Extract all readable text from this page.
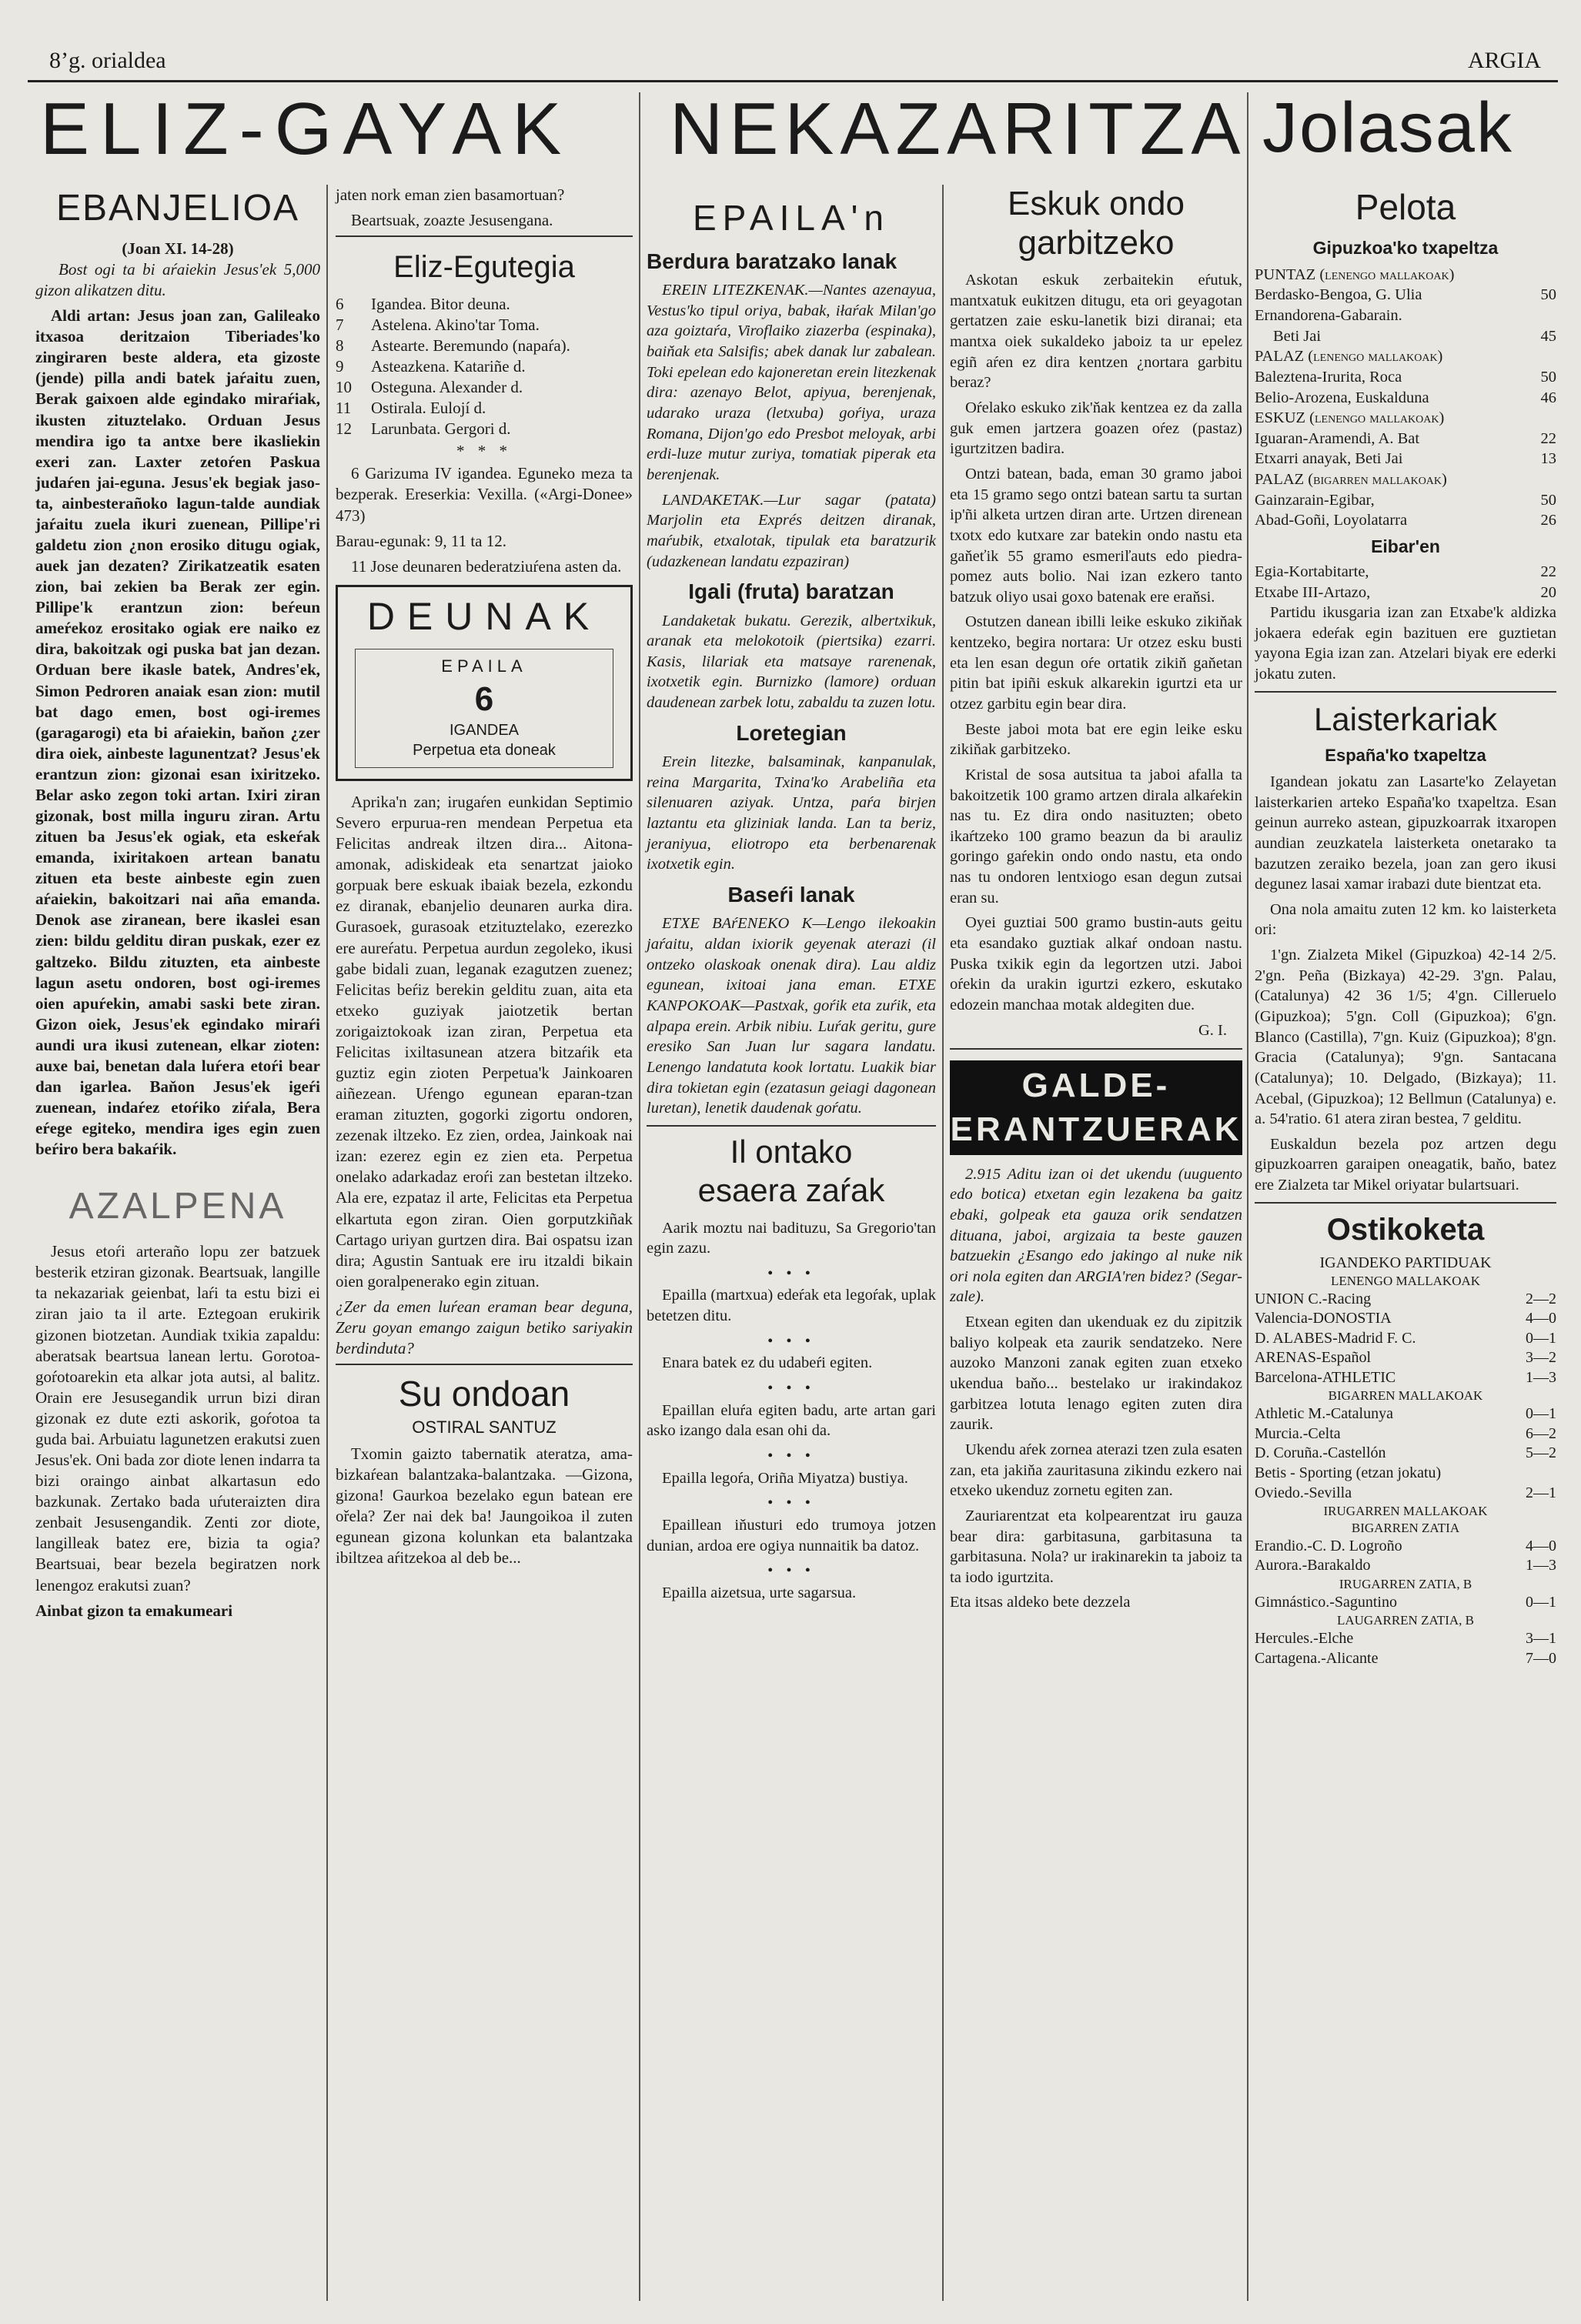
8’g. orialdea	ARGIA
ELIZ-GAYAK NEKAZARITZA Jolasak
EBANJELIOA
(Joan XI. 14-28)

Bost ogi ta bi aŕaiekin Jesus'ek 5,000 gizon alikatzen ditu.

Aldi artan: Jesus joan zan, Galileako itxasoa deritzaion Tiberiades'ko zingiraren beste aldera, eta gizoste (jende) pilla andi batek jaŕaitu zuen, Berak gaixoen alde egindako miraŕiak, ikusten zituztelako. Orduan Jesus mendira igo ta antxe bere ikasliekin exeri zan. Laxter zetoŕen Paskua judaŕen jai-eguna. Jesus'ek begiak jaso-ta, ainbesterañoko lagun-talde aundiak jaŕaitu zuela ikuri zuenean, Pillipe'ri galdetu zion ¿non erosiko ditugu ogiak, auek jan dezaten? Zirikatzeatik esaten zion, bai zekien ba Berak zer egin. Pillipe'k erantzun zion: beŕeun ameŕekoz erositako ogiak ere naiko ez dira, bakoitzak ogi puska bat jan dezan. Orduan bere ikasle batek, Andres'ek, Simon Pedroren anaiak esan zion: mutil bat dago emen, bost ogi-iremes (garagarogi) eta bi aŕaiekin, baňon ¿zer dira oiek, ainbeste lagunentzat? Jesus'ek erantzun zion: gizonai esan ixiritzeko. Belar asko zegon toki artan. Ixiri ziran gizonak, bost milla inguru ziran. Artu zituen ba Jesus'ek ogiak, eta eskeŕak emanda, ixiritakoen artean banatu zituen eta beste ainbeste egin zuen aŕaiekin, bakoitzari nai aña emanda. Denok ase ziranean, bere ikaslei esan zien: bildu gelditu diran puskak, ezer ez galtzeko. Bildu zituzten, eta ainbeste lagun asetu ondoren, bost ogi-iremes oien apuŕekin, amabi saski bete ziran. Gizon oiek, Jesus'ek egindako miraŕi aundi ura ikusi zutenean, elkar zioten: auxe bai, benetan dala luŕera etoŕi bear dan igarlea. Baňon Jesus'ek igeŕi zuenean, indaŕez etoŕiko ziŕala, Bera eŕege egiteko, mendira iges egin zuen beŕiro bera bakaŕik.

AZALPENA

Jesus etoŕi arteraño lopu zer batzuek besterik etziran gizonak. Beartsuak, langille ta nekazariak geienbat, laŕi ta estu bizi ei ziran jaio ta il arte. Eztegoan erukirik gizonen biotzetan. Aundiak txikia zapaldu: aberatsak beartsua lanean lertu. Gorotoa-goŕotoarekin eta alkar jota autsi, al balitz. Orain ere Jesusegandik urrun bizi diran gizonak ez dute ezti askorik, goŕotoa ta guda bai. Arbuiatu lagunetzen erakutsi zuen Jesus'ek. Oni bada zor diote lenen indarra ta bizi oraingo ainbat alkartasun edo bazkunak. Zertako bada uŕuteraizten dira zenbait Jesusengandik. Zenti zor diote, langilleak batez ere, bizia ta ogia? Beartsuai, bear bezela begiratzen nork lenengoz erakutsi zuan?

Ainbat gizon ta emakumeari

jaten nork eman zien basamortuan?

Beartsuak, zoazte Jesusengana.

Eliz-Egutegia
6	Igandea. Bitor deuna.
7	Astelena. Akino'tar Toma.
8	Astearte. Beremundo (napaŕa).
9	Asteazkena. Katariñe d.
10	Osteguna. Alexander d.
11	Ostirala. Eulojí d.
12	Larunbata. Gergori d.
* * *

6 Garizuma IV igandea. Eguneko meza ta bezperak. Ereserkia: Vexilla. («Argi-Donee» 473)

Barau-egunak: 9, 11 ta 12.

11 Jose deunaren bederatziuŕena asten da.

DEUNAK
EPAILA
6
IGANDEA
Perpetua eta doneak

Aprika'n zan; irugaŕen eunkidan Septimio Severo erpurua-ren mendean Perpetua eta Felicitas andreak iltzen dira... Aitona-amonak, adiskideak eta senartzat jaioko gorpuak bere eskuak ibaiak bezela, ezkondu ez diranak, ebanjelio deunaren aurka dira. Gurasoek, gurasoak etzituztelako, ezerezko ere aureŕatu. Perpetua aurdun zegoleko, ikusi gabe bidali zuan, leganak ezagutzen zuenez; Felicitas beŕiz berekin gelditu zuan, aita eta etxeko guziyak jaiotzetik bertan zorigaiztokoak izan ziran, Perpetua eta Felicitas ixiltasunean atzera bitzaŕik eta guztiz egin zioten Perpetua'k Jainkoaren aiñezean. Uŕengo egunean eparan-tzan eraman zituzten, gogorki zigortu ondoren, zezenak iltzeko. Ez zien, ordea, Jainkoak nai izan: ezerez egin ez zien eta. Perpetua onelako adarkadaz eroŕi zan bestetan iltzeko. Ala ere, ezpataz il arte, Felicitas eta Perpetua elkartuta egon ziran. Oien gorputzkiñak Cartago uriyan gurtzen dira. Bai ospatsu izan dira; Agustin Santuak ere iru itzaldi bikain oien goralpenerako egin zituan.

¿Zer da emen luŕean eraman bear deguna, Zeru goyan emango zaigun betiko sariyakin berdinduta?

Su ondoan
OSTIRAL SANTUZ

Txomin gaizto tabernatik ateratza, ama-bizkaŕean balantzaka-balantzaka. —Gizona, gizona! Gaurkoa bezelako egun batean ere ořela? Zer nai dek ba! Jaungoikoa il zuten egunean gizona kolunkan eta balantzaka ibiltzea aŕitzekoa al deb be...

EPAILA'n
Berdura baratzako lanak

EREIN LITEZKENAK.—Nantes azenayua, Vestus'ko tipul oriya, babak, iłaŕak Milan'go aza goiztaŕa, Viroflaiko ziazerba (espinaka), baiňak eta Salsifis; abek danak lur zabalean. Toki epelean edo kajoneretan erein litezkenak dira: azenayo Belot, apiyua, berenjenak, udarako uraza (letxuba) goŕiya, uraza Romana, Dijon'go edo Presbot meloyak, arbi erdi-luze mutur zuriya, tomatiak piperak eta berenjenak.

LANDAKETAK.—Lur sagar (patata) Marjolin eta Exprés deitzen diranak, maŕubik, etxalotak, tipulak eta baratzurik (udazkenean landatu ezpaziran)

Igali (fruta) baratzan

Landaketak bukatu. Gerezik, albertxikuk, aranak eta melokotoik (piertsika) ezarri. Kasis, lilariak eta matsaye rarenenak, ixotxetik egin. Burnizko (lamore) orduan daudenean zarbek lotu, zabaldu ta zuzen lotu.

Loretegian

Erein litezke, balsaminak, kanpanulak, reina Margarita, Txina'ko Arabeliña eta silenuaren aziyak. Untza, paŕa birjen laztantu eta gliziniak landa. Lan ta beriz, jeraniyua, eliotropo eta berbenarenak ixotxetik egin.

Baseŕi lanak

ETXE BAŕENEKO K—Lengo ilekoakin jaŕaitu, aldan ixiorik geyenak aterazi (il ontzeko olaskoak onenak dira). Lau aldiz egunean, ixitoai jana eman. ETXE KANPOKOAK—Pastxak, goŕik eta zuŕik, eta alpapa erein. Arbik nibiu. Luŕak geritu, gure eresiko San Juan lur sagara landatu. Lenengo landatuta kook lortatu. Luakik biar dira tokietan egin (ezatasun geiagi dagonean luretan), lenetik daudenak goŕatu.

Il ontako esaera zaŕak

Aarik moztu nai badituzu, Sa Gregorio'tan egin zazu.

• • •

Epailla (martxua) edeŕak eta legoŕak, uplak betetzen ditu.

• • •

Enara batek ez du udabeŕi egiten.

• • •

Epaillan eluŕa egiten badu, arte artan gari asko izango dala esan ohi da.

• • •

Epailla legoŕa, Oriña Miyatza) bustiya.

• • •

Epaillean iňusturi edo trumoya jotzen dunian, ardoa ere ogiya nunnaitik ba datoz.

• • •

Epailla aizetsua, urte sagarsua.

Eskuk ondo garbitzeko

Askotan eskuk zerbaitekin eŕutuk, mantxatuk eukitzen ditugu, eta ori geyagotan gertatzen zaie esku-lanetik bizi diranai; eta mantxa oiek sukaldeko jaboiz ta ur epelez egiñ aŕen ez dira kentzen ¿nortara garbitu beraz?

Oŕelako eskuko zik'ňak kentzea ez da zalla guk emen jartzera goazen oŕez (pastaz) igurtzitzen badira.

Ontzi batean, bada, eman 30 gramo jaboi eta 15 gramo sego ontzi batean sartu ta surtan ip'ñi alketa urtzen diran arte. Urtzen direnean txotx edo kutxare zar batekin ondo nastu eta gaňeťik 55 gramo esmeriľauts edo piedra-pomez auts bolio. Nai izan ezkero tanto batzuk oliyo usai goxo batenak ere eraňsi.

Ostutzen danean ibilli leike eskuko zikiňak kentzeko, begira nortara: Ur otzez esku busti eta len esan degun oŕe ortatik zikiň gaňetan pitin bat ipiñi eskuk alkarekin igurtzi eta ur otzez garbitu egin bear dira.

Beste jaboi mota bat ere egin leike esku zikiňak garbitzeko.

Kristal de sosa autsitua ta jaboi afalla ta bakoitzetik 100 gramo artzen dirala alkaŕekin nas tu. Ez dira ondo nasituzten; obeto ikaŕtzeko 100 gramo beazun da bi arauliz goringo gaŕekin ondo ondo nastu, eta ondo nas tu ondoren lentxiogo esan degun zutsai eran su.

Oyei guztiai 500 gramo bustin-auts geitu eta esandako guztiak alkaŕ ondoan nastu. Puska txikik egin da legortzen utzi. Jaboi oŕekin da urakin igurtzi ezkero, eskutako edozein manchaa motak aldegiten due.

G. I.
GALDE-ERANTZUERAK

2.915 Aditu izan oi det ukendu (uuguento edo botica) etxetan egin lezakena ba gaitz ebaki, golpeak eta gauza orik sendatzen dituana, jaboi, argizaia ta beste gauzen batzuekin ¿Esango edo jakingo al nuke nik ori nola egiten dan ARGIA'ren bidez? (Segar-zale).

Etxean egiten dan ukenduak ez du zipitzik baliyo kolpeak eta zaurik sendatzeko. Nere auzoko Manzoni zanak egiten zuan etxeko ukendua baňo... bestelako ur irakindakoz garbitzea lotuta lenago egiten zuten dira zaurik.

Ukendu aŕek zornea aterazi tzen zula esaten zan, eta jakiňa zauritasuna zikindu ezkero nai etxeko ukenduz zornetu egiten zan.

Zauriarentzat eta kolpearentzat iru gauza bear dira: garbitasuna, garbitasuna ta garbitasuna. Nola? ur irakinarekin ta jaboiz ta ta iodo igurtzita.

Eta itsas aldeko bete dezzela

Pelota
Gipuzkoa'ko txapeltza
PUNTAZ (lenengo mallakoak)
Berdasko-Bengoa, G. Ulia	50
Ernandorena-Gabarain.
Beti Jai	45
PALAZ (lenengo mallakoak)
Baleztena-Irurita, Roca	50
Belio-Arozena, Euskalduna	46
ESKUZ (lenengo mallakoak)
Iguaran-Aramendi, A. Bat	22
Etxarri anayak, Beti Jai	13
PALAZ (bigarren mallakoak)
Gainzarain-Egibar,	50
Abad-Goñi, Loyolatarra	26
Eibar'en
Egia-Kortabitarte,	22
Etxabe III-Artazo,	20

Partidu ikusgaria izan zan Etxabe'k aldizka jokaera edeŕak egin bazituen ere guztietan yayona Egia izan zan. Atzelari biyak ere ederki jokatu zuten.

Laisterkariak
España'ko txapeltza

Igandean jokatu zan Lasarte'ko Zelayetan laisterkarien arteko España'ko txapeltza. Esan geinun aurreko astean, gipuzkoarrak itxaropen aundian zeuzkatela laisterketa onetarako ta bazutzen zeraiko bezela, joan zan gero ikusi degunez lasai xamar irabazi dute bientzat eta.

Ona nola amaitu zuten 12 km. ko laisterketa ori:

1'gn. Zialzeta Mikel (Gipuzkoa) 42-14 2/5. 2'gn. Peña (Bizkaya) 42-29. 3'gn. Palau, (Catalunya) 42 36 1/5; 4'gn. Cilleruelo (Gipuzkoa); 5'gn. Coll (Gipuzkoa); 6'gn. Blanco (Castilla), 7'gn. Kuiz (Gipuzkoa); 8'gn. Gracia (Catalunya); 9'gn. Santacana (Catalunya); 10. Delgado, (Bizkaya); 11. Acebal, (Gipuzkoa); 12 Bellmun (Catalunya) e. a. 54'ratio. 61 atera ziran bestea, 7 gelditu.

Euskaldun bezela poz artzen degu gipuzkoarren garaipen oneagatik, baňo, batez ere Zialzeta tar Mikel oriyatar bulartsuari.

Ostikoketa
IGANDEKO PARTIDUAK
LENENGO MALLAKOAK
UNION C.-Racing	2—2
Valencia-DONOSTIA	4—0
D. ALABES-Madrid F. C.	0—1
ARENAS-Español	3—2
Barcelona-ATHLETIC	1—3
BIGARREN MALLAKOAK
Athletic M.-Catalunya	0—1
Murcia.-Celta	6—2
D. Coruña.-Castellón	5—2
Betis - Sporting (etzan jokatu)
Oviedo.-Sevilla	2—1
IRUGARREN MALLAKOAK
BIGARREN ZATIA
Erandio.-C. D. Logroño	4—0
Aurora.-Barakaldo	1—3
IRUGARREN ZATIA, B
Gimnástico.-Saguntino	0—1
LAUGARREN ZATIA, B
Hercules.-Elche	3—1
Cartagena.-Alicante	7—0
